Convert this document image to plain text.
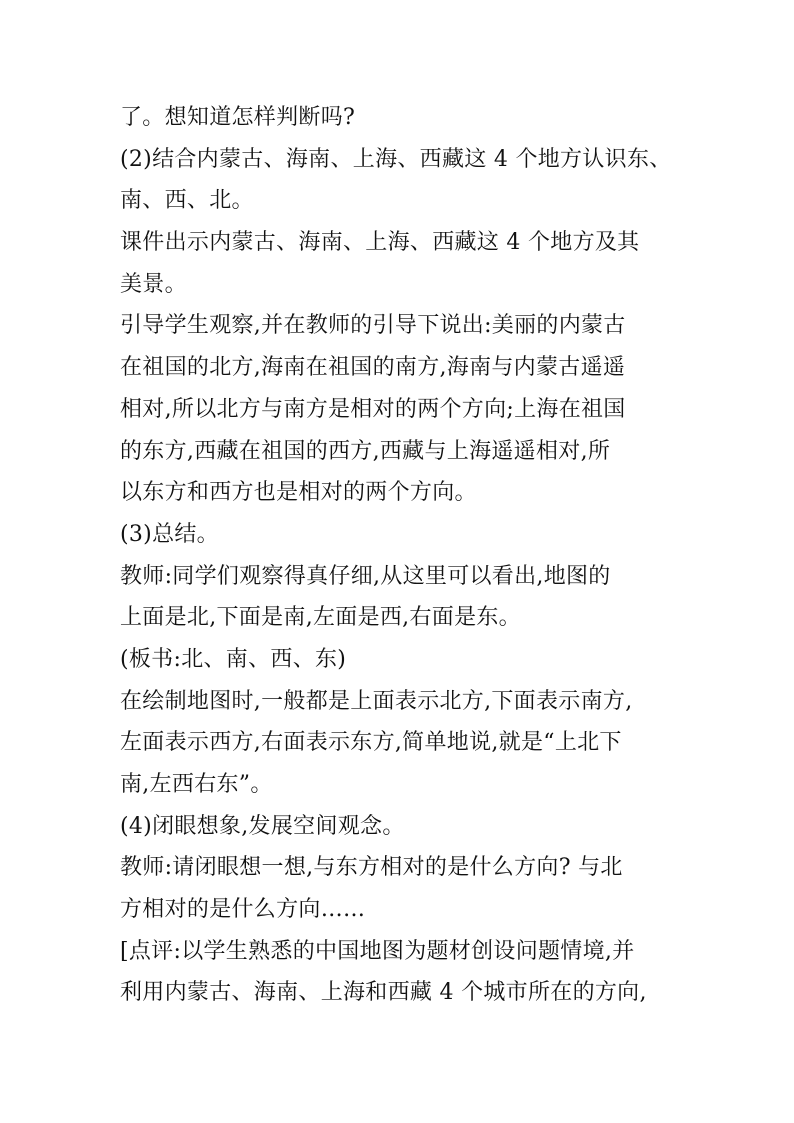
了。想知道怎样判断吗?
(2)结合内蒙古、海南、上海、西藏这 4 个地方认识东、
南、西、北。
课件出示内蒙古、海南、上海、西藏这 4 个地方及其
美景。
引导学生观察,并在教师的引导下说出:美丽的内蒙古
在祖国的北方,海南在祖国的南方,海南与内蒙古遥遥
相对,所以北方与南方是相对的两个方向;上海在祖国
的东方,西藏在祖国的西方,西藏与上海遥遥相对,所
以东方和西方也是相对的两个方向。
(3)总结。
教师:同学们观察得真仔细,从这里可以看出,地图的
上面是北,下面是南,左面是西,右面是东。
(板书:北、南、西、东)
在绘制地图时,一般都是上面表示北方,下面表示南方,
左面表示西方,右面表示东方,简单地说,就是“上北下
南,左西右东”。
(4)闭眼想象,发展空间观念。
教师:请闭眼想一想,与东方相对的是什么方向? 与北
方相对的是什么方向……
[点评:以学生熟悉的中国地图为题材创设问题情境,并
利用内蒙古、海南、上海和西藏 4 个城市所在的方向,
